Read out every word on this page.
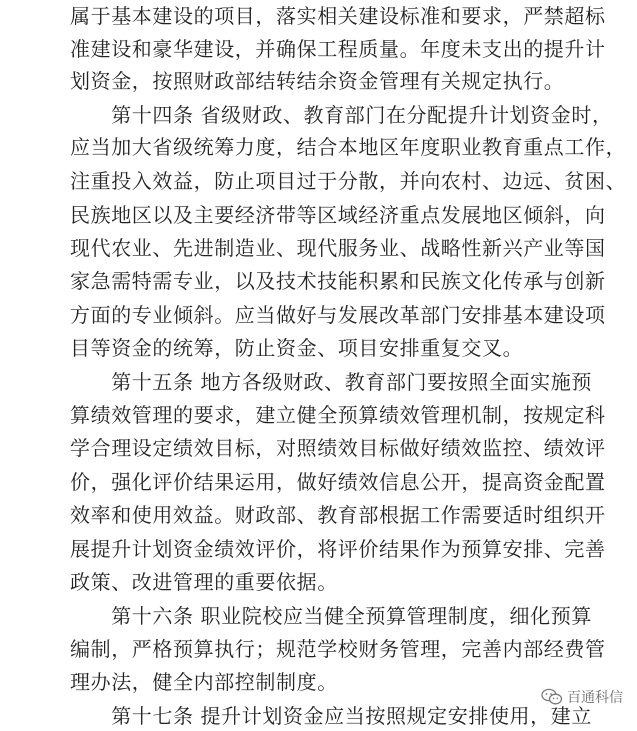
属于基本建设的项目，落实相关建设标准和要求，严禁超标
准建设和豪华建设，并确保工程质量。年度未支出的提升计
划资金，按照财政部结转结余资金管理有关规定执行。
　　第十四条 省级财政、教育部门在分配提升计划资金时，
应当加大省级统筹力度，结合本地区年度职业教育重点工作，
注重投入效益，防止项目过于分散，并向农村、边远、贫困、
民族地区以及主要经济带等区域经济重点发展地区倾斜，向
现代农业、先进制造业、现代服务业、战略性新兴产业等国
家急需特需专业，以及技术技能积累和民族文化传承与创新
方面的专业倾斜。应当做好与发展改革部门安排基本建设项
目等资金的统筹，防止资金、项目安排重复交叉。
　　第十五条 地方各级财政、教育部门要按照全面实施预
算绩效管理的要求，建立健全预算绩效管理机制，按规定科
学合理设定绩效目标，对照绩效目标做好绩效监控、绩效评
价，强化评价结果运用，做好绩效信息公开，提高资金配置
效率和使用效益。财政部、教育部根据工作需要适时组织开
展提升计划资金绩效评价，将评价结果作为预算安排、完善
政策、改进管理的重要依据。
　　第十六条 职业院校应当健全预算管理制度，细化预算
编制，严格预算执行；规范学校财务管理，完善内部经费管
理办法，健全内部控制制度。
　　第十七条 提升计划资金应当按照规定安排使用，建立
百通科信
